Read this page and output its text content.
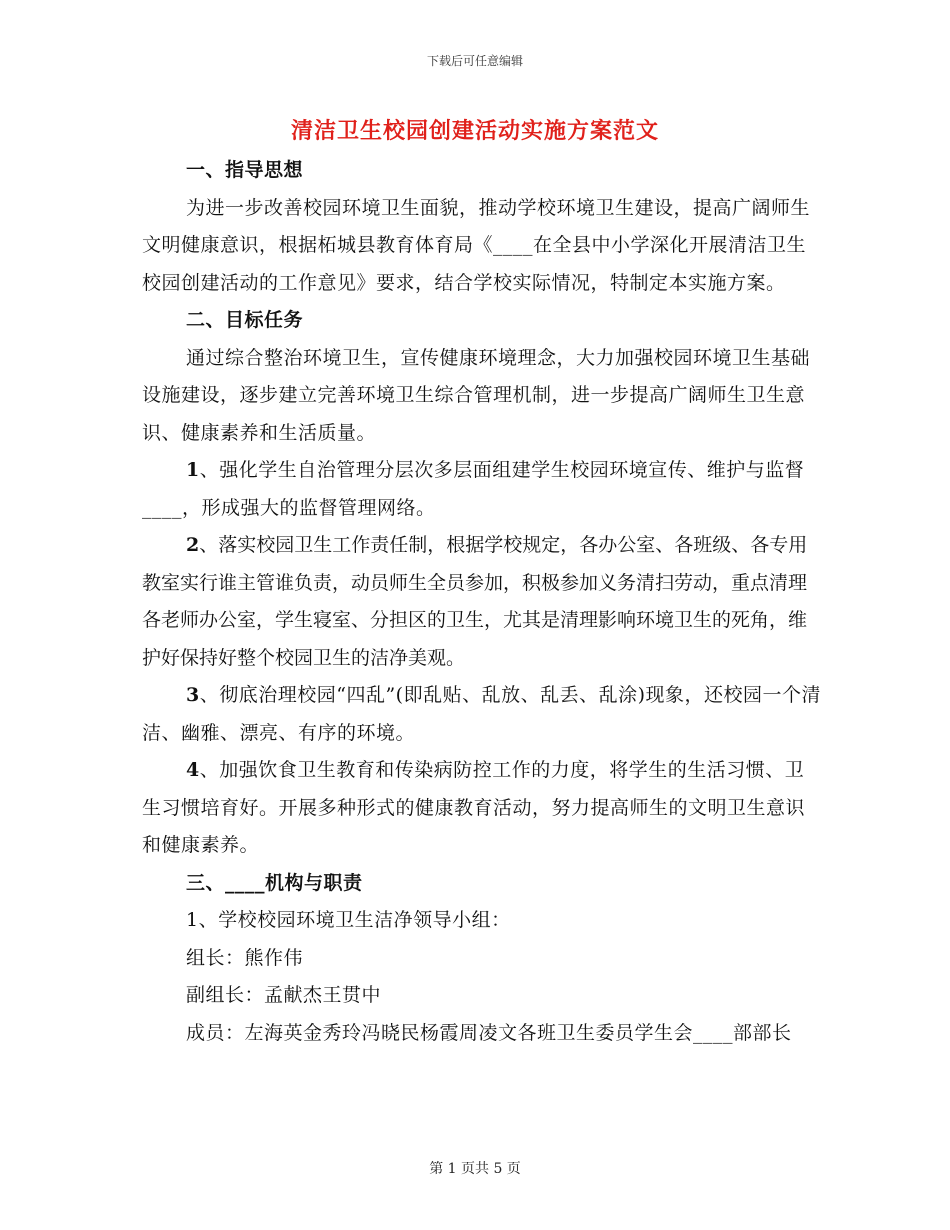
下载后可任意编辑
清洁卫生校园创建活动实施方案范文

一、指导思想

为进一步改善校园环境卫生面貌，推动学校环境卫生建设，提高广阔师生文明健康意识，根据柘城县教育体育局《____在全县中小学深化开展清洁卫生校园创建活动的工作意见》要求，结合学校实际情况，特制定本实施方案。

二、目标任务

通过综合整治环境卫生，宣传健康环境理念，大力加强校园环境卫生基础设施建设，逐步建立完善环境卫生综合管理机制，进一步提高广阔师生卫生意识、健康素养和生活质量。

1、强化学生自治管理分层次多层面组建学生校园环境宣传、维护与监督____，形成强大的监督管理网络。

2、落实校园卫生工作责任制，根据学校规定，各办公室、各班级、各专用教室实行谁主管谁负责，动员师生全员参加，积极参加义务清扫劳动，重点清理各老师办公室，学生寝室、分担区的卫生，尤其是清理影响环境卫生的死角，维护好保持好整个校园卫生的洁净美观。

3、彻底治理校园“四乱”(即乱贴、乱放、乱丢、乱涂)现象，还校园一个清洁、幽雅、漂亮、有序的环境。

4、加强饮食卫生教育和传染病防控工作的力度，将学生的生活习惯、卫生习惯培育好。开展多种形式的健康教育活动，努力提高师生的文明卫生意识和健康素养。

三、____机构与职责

1、学校校园环境卫生洁净领导小组：

组长：熊作伟

副组长：孟献杰王贯中

成员：左海英金秀玲冯晓民杨霞周凌文各班卫生委员学生会____部部长

第 1 页共 5 页
